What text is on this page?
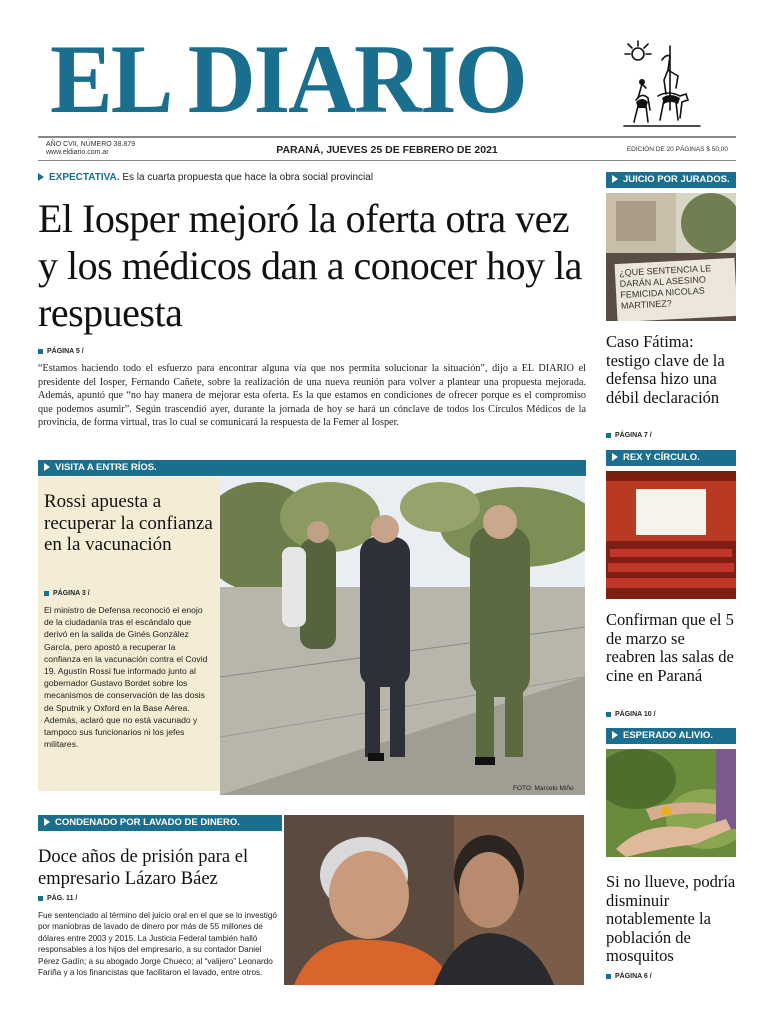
EL DIARIO
AÑO CVII, NÚMERO 38.879
www.eldiario.com.ar	PARANÁ, JUEVES 25 DE FEBRERO DE 2021	EDICIÓN DE 20 PÁGINAS $ 50,00
EXPECTATIVA. Es la cuarta propuesta que hace la obra social provincial
El Iosper mejoró la oferta otra vez y los médicos dan a conocer hoy la respuesta
PÁGINA 5 /
“Estamos haciendo todo el esfuerzo para encontrar alguna vía que nos permita solucionar la situación”, dijo a EL DIARIO el presidente del Iosper, Fernando Cañete, sobre la realización de una nueva reunión para volver a plantear una propuesta mejorada. Además, apuntó que “no hay manera de mejorar esta oferta. Es la que estamos en condiciones de ofrecer porque es el compromiso que podemos asumir”. Según trascendió ayer, durante la jornada de hoy se hará un cónclave de todos los Círculos Médicos de la provincia, de forma virtual, tras lo cual se comunicará la respuesta de la Femer al Iosper.
VISITA A ENTRE RÍOS.
Rossi apuesta a recuperar la confianza en la vacunación
PÁGINA 3 /
El ministro de Defensa reconoció el enojo de la ciudadanía tras el escándalo que derivó en la salida de Ginés González García, pero apostó a recuperar la confianza en la vacunación contra el Covid 19. Agustín Rossi fue informado junto al gobernador Gustavo Bordet sobre los mecanismos de conservación de las dosis de Sputnik y Oxford en la Base Aérea. Además, aclaró que no está vacunado y tampoco sus funcionarios ni los jefes militares.
FOTO: Marcelo Miño
CONDENADO POR LAVADO DE DINERO.
Doce años de prisión para el empresario Lázaro Báez
PÁG. 11 /
Fue sentenciado al término del juicio oral en el que se lo investigó por maniobras de lavado de dinero por más de 55 millones de dólares entre 2003 y 2015. La Justicia Federal también halló responsables a los hijos del empresario, a su contador Daniel Pérez Gadín; a su abogado Jorge Chueco; al “valijero” Leonardo Fariña y a los financistas que facilitaron el lavado, entre otros.
JUICIO POR JURADOS.
¿QUE SENTENCIA LE DARÁN AL ASESINO FEMICIDA NICOLAS MARTINEZ?
Caso Fátima: testigo clave de la defensa hizo una débil declaración
PÁGINA 7 /
REX Y CÍRCULO.
Confirman que el 5 de marzo se reabren las salas de cine en Paraná
PÁGINA 10 /
ESPERADO ALIVIO.
Si no llueve, podría disminuir notablemente la población de mosquitos
PÁGINA 6 /
